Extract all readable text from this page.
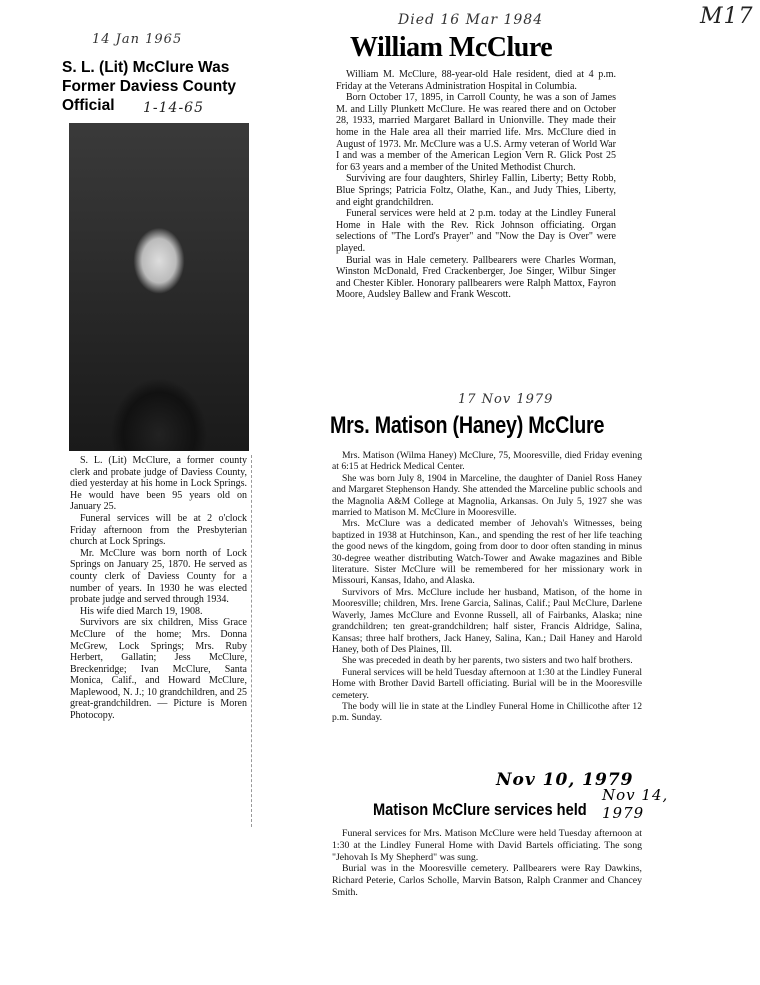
M17
14 Jan 1965
S. L. (Lit) McClure Was Former Daviess County Official	1-14-65

S. L. (Lit) McClure, a former county clerk and probate judge of Daviess County, died yesterday at his home in Lock Springs. He would have been 95 years old on January 25.

Funeral services will be at 2 o'clock Friday afternoon from the Presbyterian church at Lock Springs.

Mr. McClure was born north of Lock Springs on January 25, 1870. He served as county clerk of Daviess County for a number of years. In 1930 he was elected probate judge and served through 1934.

His wife died March 19, 1908.

Survivors are six children, Miss Grace McClure of the home; Mrs. Donna McGrew, Lock Springs; Mrs. Ruby Herbert, Gallatin; Jess McClure, Breckenridge; Ivan McClure, Santa Monica, Calif., and Howard McClure, Maplewood, N. J.; 10 grandchildren, and 25 great-grandchildren. — Picture is Moren Photocopy.

Died 16 Mar 1984
William McClure

William M. McClure, 88-year-old Hale resident, died at 4 p.m. Friday at the Veterans Administration Hospital in Columbia.

Born October 17, 1895, in Carroll County, he was a son of James M. and Lilly Plunkett McClure. He was reared there and on October 28, 1933, married Margaret Ballard in Unionville. They made their home in the Hale area all their married life. Mrs. McClure died in August of 1973. Mr. McClure was a U.S. Army veteran of World War I and was a member of the American Legion Vern R. Glick Post 25 for 63 years and a member of the United Methodist Church.

Surviving are four daughters, Shirley Fallin, Liberty; Betty Robb, Blue Springs; Patricia Foltz, Olathe, Kan., and Judy Thies, Liberty, and eight grandchildren.

Funeral services were held at 2 p.m. today at the Lindley Funeral Home in Hale with the Rev. Rick Johnson officiating. Organ selections of "The Lord's Prayer" and "Now the Day is Over" were played.

Burial was in Hale cemetery. Pallbearers were Charles Worman, Winston McDonald, Fred Crackenberger, Joe Singer, Wilbur Singer and Chester Kibler. Honorary pallbearers were Ralph Mattox, Fayron Moore, Audsley Ballew and Frank Wescott.

17 Nov 1979
Mrs. Matison (Haney) McClure

Mrs. Matison (Wilma Haney) McClure, 75, Mooresville, died Friday evening at 6:15 at Hedrick Medical Center.

She was born July 8, 1904 in Marceline, the daughter of Daniel Ross Haney and Margaret Stephenson Handy. She attended the Marceline public schools and the Magnolia A&M College at Magnolia, Arkansas. On July 5, 1927 she was married to Matison M. McClure in Mooresville.

Mrs. McClure was a dedicated member of Jehovah's Witnesses, being baptized in 1938 at Hutchinson, Kan., and spending the rest of her life teaching the good news of the kingdom, going from door to door often standing in minus 30-degree weather distributing Watch-Tower and Awake magazines and Bible literature. Sister McClure will be remembered for her missionary work in Missouri, Kansas, Idaho, and Alaska.

Survivors of Mrs. McClure include her husband, Matison, of the home in Mooresville; children, Mrs. Irene Garcia, Salinas, Calif.; Paul McClure, Darlene Waverly, James McClure and Evonne Russell, all of Fairbanks, Alaska; nine grandchildren; ten great-grandchildren; half sister, Francis Aldridge, Salina, Kansas; three half brothers, Jack Haney, Salina, Kan.; Dail Haney and Harold Haney, both of Des Plaines, Ill.

She was preceded in death by her parents, two sisters and two half brothers.

Funeral services will be held Tuesday afternoon at 1:30 at the Lindley Funeral Home with Brother David Bartell officiating. Burial will be in the Mooresville cemetery.

The body will lie in state at the Lindley Funeral Home in Chillicothe after 12 p.m. Sunday.

Nov 10, 1979
Matison McClure services held
Nov 14, 1979

Funeral services for Mrs. Matison McClure were held Tuesday afternoon at 1:30 at the Lindley Funeral Home with David Bartels officiating. The song "Jehovah Is My Shepherd" was sung.

Burial was in the Mooresville cemetery. Pallbearers were Ray Dawkins, Richard Peterie, Carlos Scholle, Marvin Batson, Ralph Cranmer and Chancey Smith.
